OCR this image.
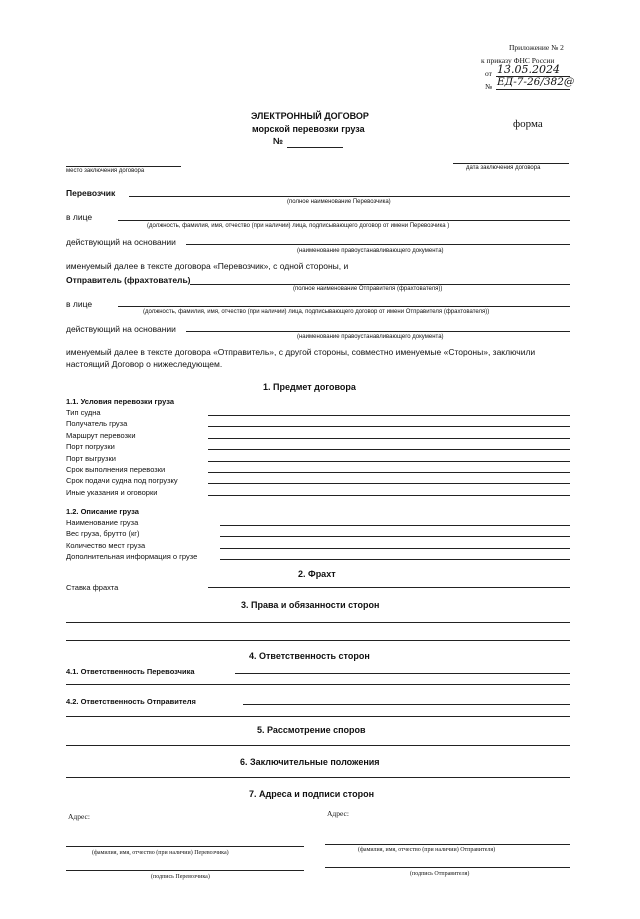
Приложение № 2
к приказу ФНС России
от 13.05.2024
№ ЕД-7-26/382@
ЭЛЕКТРОННЫЙ ДОГОВОР
морской перевозки груза
№
форма
место заключения договора	дата заключения договора
Перевозчик
(полное наименование Перевозчика)
в лице
(должность, фамилия, имя, отчество (при наличии) лица, подписывающего договор от имени Перевозчика )
действующий на основании
(наименование правоустанавливающего документа)
именуемый далее в тексте договора «Перевозчик», с одной стороны, и
Отправитель (фрахтователь)
(полное наименование Отправителя (фрахтователя))
в лице
(должность, фамилия, имя, отчество (при наличии) лица, подписывающего договор от имени Отправителя (фрахтователя))
действующий на основании
(наименование правоустанавливающего документа)
именуемый далее в тексте договора «Отправитель», с другой стороны, совместно именуемые «Стороны», заключили
настоящий Договор о нижеследующем.
1. Предмет договора
1.1. Условия перевозки груза
Тип судна
Получатель груза
Маршрут перевозки
Порт погрузки
Порт выгрузки
Срок выполнения перевозки
Срок подачи судна под погрузку
Иные указания и оговорки
1.2. Описание груза
Наименование груза
Вес груза, брутто (кг)
Количество мест груза
Дополнительная информация о грузе
2. Фрахт
Ставка фрахта
3. Права и обязанности сторон
4. Ответственность сторон
4.1. Ответственность Перевозчика
4.2. Ответственность Отправителя
5. Рассмотрение споров
6. Заключительные положения
7. Адреса и подписи сторон
Адрес:	Адрес:
(фамилия, имя, отчество (при наличии) Перевозчика)	(фамилия, имя, отчество (при наличии) Отправителя)
(подпись Перевозчика)	(подпись Отправителя)
